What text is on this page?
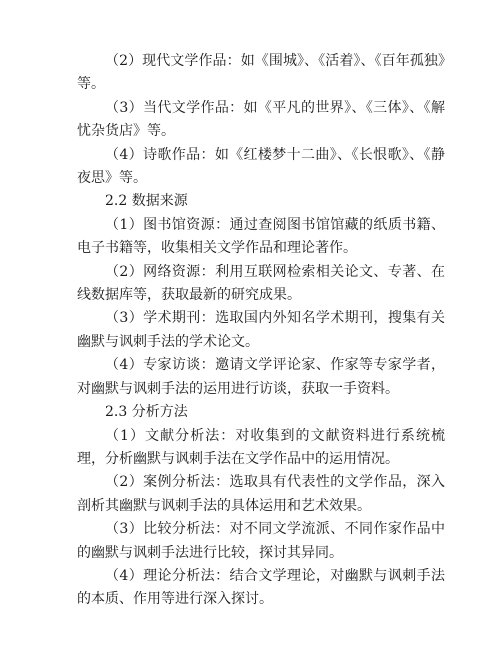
（2）现代文学作品：如《围城》、《活着》、《百年孤独》等。

（3）当代文学作品：如《平凡的世界》、《三体》、《解忧杂货店》等。

（4）诗歌作品：如《红楼梦十二曲》、《长恨歌》、《静夜思》等。

2.2 数据来源

（1）图书馆资源：通过查阅图书馆馆藏的纸质书籍、电子书籍等，收集相关文学作品和理论著作。

（2）网络资源：利用互联网检索相关论文、专著、在线数据库等，获取最新的研究成果。

（3）学术期刊：选取国内外知名学术期刊，搜集有关幽默与讽刺手法的学术论文。

（4）专家访谈：邀请文学评论家、作家等专家学者，对幽默与讽刺手法的运用进行访谈，获取一手资料。

2.3 分析方法

（1）文献分析法：对收集到的文献资料进行系统梳理，分析幽默与讽刺手法在文学作品中的运用情况。

（2）案例分析法：选取具有代表性的文学作品，深入剖析其幽默与讽刺手法的具体运用和艺术效果。

（3）比较分析法：对不同文学流派、不同作家作品中的幽默与讽刺手法进行比较，探讨其异同。

（4）理论分析法：结合文学理论，对幽默与讽刺手法的本质、作用等进行深入探讨。
